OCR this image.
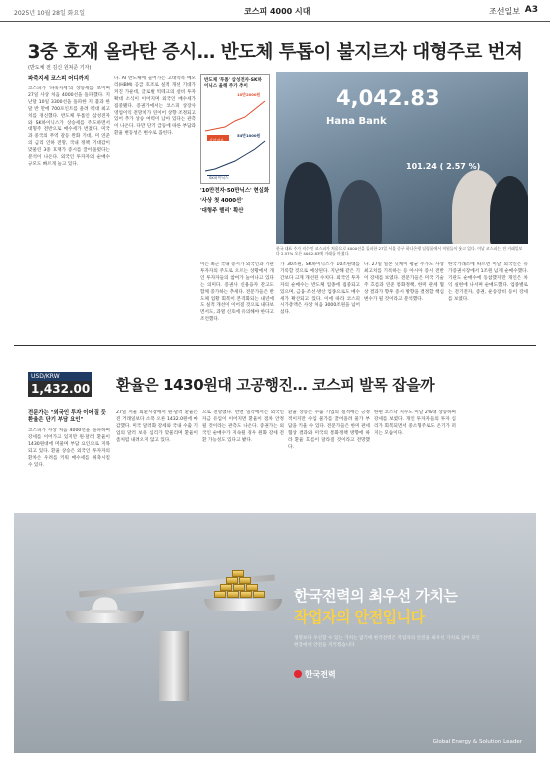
2025년 10월 28일 화요일	코스피 4000 시대	조선일보 A3
3중 호재 올라탄 증시… 반도체 투톱이 불지르자 대형주로 번져
(반도체 전 김신 원쳐준 기자)
파죽지세 코스피 어디까지
코스피가 '파죽지세'의 상승세를 보이며 27일 사상 처음 4000선을 돌파했다. 지난달 10일 3300선을 돌파한 지 불과 한 달 반 만에 700포인트를 올려 역대 최고치를 경신했다. 반도체 투톱인 삼성전자와 SK하이닉스가 상승세를 주도하면서 대형주 전반으로 매수세가 번졌다. 미국과 중국의 무역 갈등 완화 기대, 미 연준의 금리 인하 전망, 국내 정책 기대감이 맞물린 3중 호재가 증시를 끌어올렸다는 분석이 나온다. 외국인 투자자의 순매수 규모도 빠르게 늘고 있다.
다. AI 반도체에 들어가는 고대역폭 메모리(HBM) 공급 호조로 실적 개선 기대가 커진 가운데, 글로벌 빅테크의 설비 투자 확대 소식이 이어지며 외국인 매수세가 집중됐다. 증권가에서는 코스피 상장사 영업이익 전망치가 연이어 상향 조정되고 있어 추가 상승 여력이 남아 있다는 관측이 나온다. 다만 단기 급등에 따른 부담과 환율 변동성은 변수로 꼽힌다.
반도체 '투톱' 삼성전자·SK하이닉스 올해 주가 추이
삼성전자
10만2000원
SK하이닉스
54만1000원
'10만전자·50만닉스' 현실화
'사상 첫 4000선'
'대형주 랠리' 확산
4,042.83
Hana Bank
101.24 ( 2.57 %)
한국 대표 주가 지수인 코스피가 처음으로 4000선을 돌파한 27일 서울 중구 하나은행 딜링룸에서 직원들이 웃고 있다. 이날 코스피는 전 거래일보다 2.57% 오른 4042.83에 거래를 마쳤다.
이는 최근 국내 증시가 외국인과 기관 투자자의 주도로 오르는 상황에서 개인 투자자들의 참여가 늘어나고 있다는 의미다. 증권사 신용융자 잔고도 함께 증가하는 추세다. 전문가들은 반도체 업황 회복이 본격화되는 내년에도 실적 개선이 이어질 것으로 내다보면서도, 과열 신호에 유의해야 한다고 조언했다.
가 30조원, SK하이닉스가 10조원대를 기록할 것으로 예상된다. 지난해 같은 기간보다 크게 개선된 수치다. 외국인 투자자의 순매수는 반도체 업종에 집중되고 있으며, 금융·조선·방산 업종으로도 매수세가 확산되고 있다. 이에 따라 코스피 시가총액은 사상 처음 3000조원을 넘어섰다.
다. 27일 일본 닛케이 평균 주가도 사상 최고치를 기록하는 등 아시아 증시 전반이 강세를 보였다. 전문가들은 미국 기술주 흐름과 연준 통화정책, 한미 관세 협상 결과가 향후 증시 방향을 결정할 핵심 변수가 될 것이라고 분석했다.
한국거래소에 따르면 이날 외국인은 유가증권시장에서 1조원 넘게 순매수했다. 기관도 순매수에 동참했지만 개인은 차익 실현에 나서며 순매도했다. 업종별로는 전기전자, 증권, 운송장비 등이 강세를 보였다.
USD/KRW
1,432.00 환율은 1430원대 고공행진… 코스피 발목 잡을까
전문가는 "외국인 투자 이어질 듯 환율은 단기 부담 요인"
코스피가 사상 처음 4000선을 돌파하며 강세를 이어가고 있지만 원·달러 환율이 1430원대에 머물며 부담 요인으로 지목되고 있다. 환율 상승은 외국인 투자자의 환차손 우려를 키워 매수세를 위축시킬 수 있다.
27일 서울 외환시장에서 원·달러 환율은 전 거래일보다 소폭 오른 1432.0원에 마감했다. 미국 달러화 강세와 국내 수출 기업의 달러 보유 심리가 맞물리며 환율이 좀처럼 내려오지 않고 있다.
으로 전망했다. 반면 일각에서는 외국인 자금 유입이 이어지면 환율이 점차 안정될 것이라는 관측도 나온다. 증권가는 외국인 순매수가 지속될 경우 원화 강세 전환 가능성도 있다고 봤다.
환율 상승은 수출 기업의 실적에는 긍정적이지만 수입 물가를 끌어올려 물가 부담을 키울 수 있다. 전문가들은 한미 관세 협상 결과와 미국의 통화정책 방향에 따라 환율 흐름이 달라질 것이라고 전망했다.
한편 코스닥 지수도 이날 2%대 상승하며 강세를 보였다. 개인 투자자들의 투자 심리가 회복되면서 중소형주로도 온기가 퍼지는 모습이다.
한국전력의 최우선 가치는
작업자의 안전입니다
생명보다 우선할 수 있는 가치는 없기에 한국전력은 작업자의 안전을 최우선 가치로 삼아 모든 현장에서 안전을 지키겠습니다
한국전력
Global Energy & Solution Leader
